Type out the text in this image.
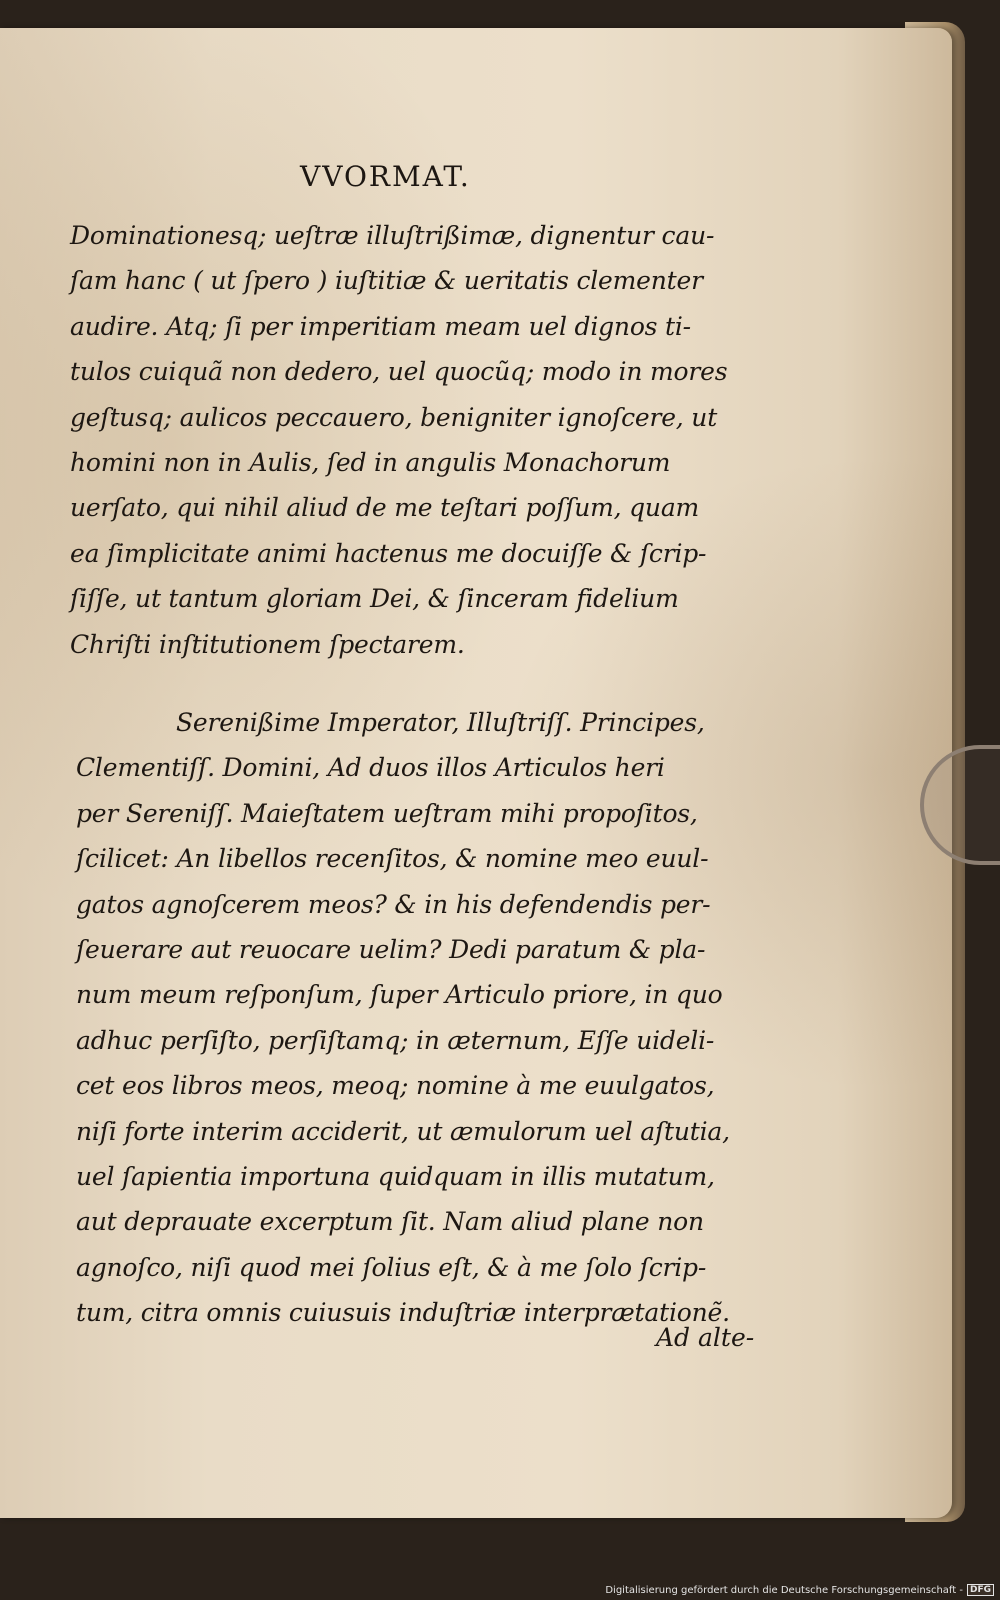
VVORMAT.
Dominationesq; ueſtræ illuſtrißimæ, dignentur cau-
ſam hanc ( ut ſpero ) iuſtitiæ & ueritatis clementer
audire. Atq; ſi per imperitiam meam uel dignos ti-
tulos cuiquã non dedero, uel quocũq; modo in mores
geſtusq; aulicos peccauero, benigniter ignoſcere, ut
homini non in Aulis, ſed in angulis Monachorum
uerſato, qui nihil aliud de me teſtari poſſum, quam
ea ſimplicitate animi hactenus me docuiſſe & ſcrip-
ſiſſe, ut tantum gloriam Dei, & ſinceram fidelium
Chriſti inſtitutionem ſpectarem.
Serenißime Imperator, Illuſtriſſ. Principes,
Clementiſſ. Domini, Ad duos illos Articulos heri
per Sereniſſ. Maieſtatem ueſtram mihi propoſitos,
ſcilicet: An libellos recenſitos, & nomine meo euul-
gatos agnoſcerem meos? & in his defendendis per-
ſeuerare aut reuocare uelim? Dedi paratum & pla-
num meum reſponſum, ſuper Articulo priore, in quo
adhuc perſiſto, perſiſtamq; in æternum, Eſſe uideli-
cet eos libros meos, meoq; nomine à me euulgatos,
niſi forte interim acciderit, ut æmulorum uel aſtutia,
uel ſapientia importuna quidquam in illis mutatum,
aut deprauate excerptum ſit. Nam aliud plane non
agnoſco, niſi quod mei ſolius eſt, & à me ſolo ſcrip-
tum, citra omnis cuiusuis induſtriæ interprætationẽ.
Ad alte-
Digitalisierung gefördert durch die Deutsche Forschungsgemeinschaft - DFG
